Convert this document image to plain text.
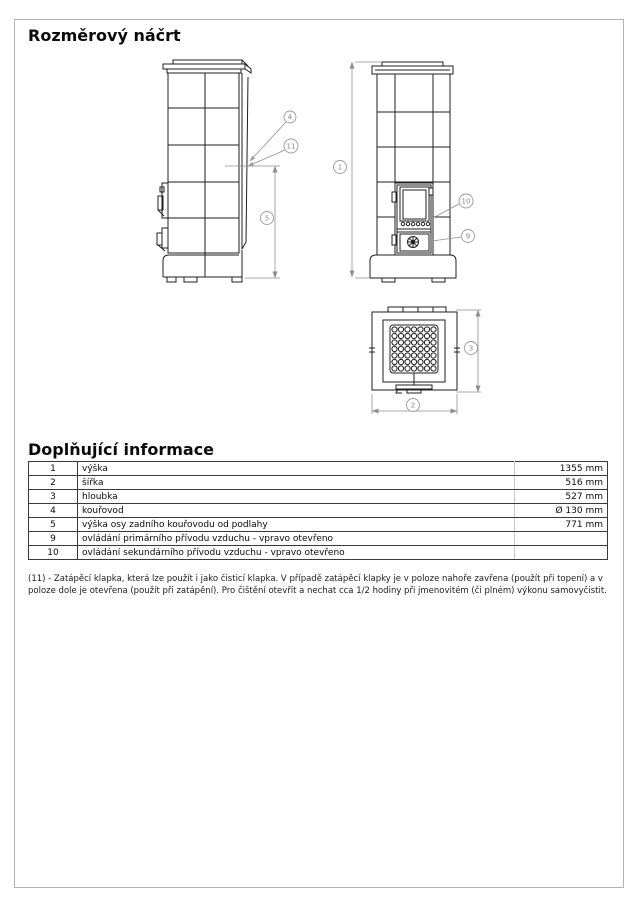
Rozměrový náčrt
5
4
11
1
10
9
3
2
Doplňující informace
1	výška	1355 mm
2	šířka	516 mm
3	hloubka	527 mm
4	kouřovod	Ø 130 mm
5	výška osy zadního kouřovodu od podlahy	771 mm
9	ovládání primárního přívodu vzduchu - vpravo otevřeno	
10	ovládání sekundárního přívodu vzduchu - vpravo otevřeno	
(11) - Zatápěcí klapka, která lze použít i jako čisticí klapka. V případě zatápěcí klapky je v poloze nahoře zavřena (použít při topení) a v poloze dole je otevřena (použít při zatápění). Pro čištění otevřít a nechat cca 1/2 hodiny při jmenovitém (či plném) výkonu samovyčistit.
